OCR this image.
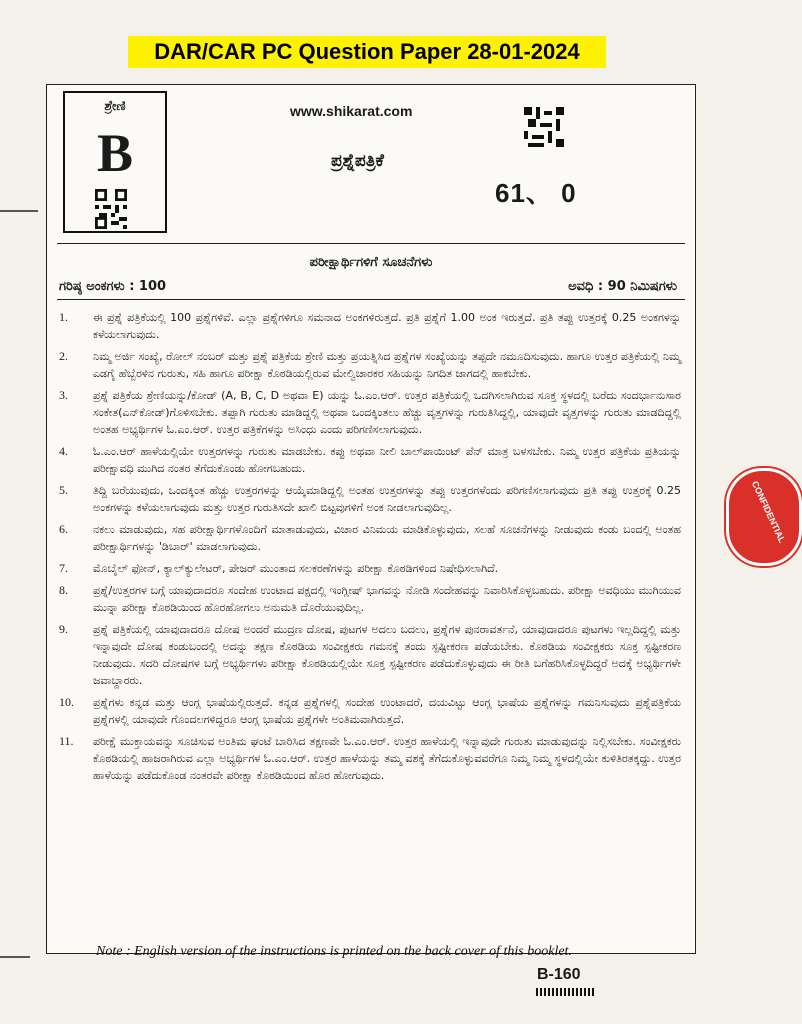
DAR/CAR PC Question Paper 28-01-2024
ಶ್ರೇಣಿ
B
www.shikarat.com
ಪ್ರಶ್ನೆಪತ್ರಿಕೆ
61、 0
ಪರೀಕ್ಷಾರ್ಥಿಗಳಿಗೆ ಸೂಚನೆಗಳು
ಗರಿಷ್ಠ ಅಂಕಗಳು : 100	ಅವಧಿ : 90 ನಿಮಿಷಗಳು
1.	ಈ ಪ್ರಶ್ನೆ ಪತ್ರಿಕೆಯಲ್ಲಿ 100 ಪ್ರಶ್ನೆಗಳಿವೆ. ಎಲ್ಲಾ ಪ್ರಶ್ನೆಗಳಿಗೂ ಸಮನಾದ ಅಂಕಗಳಿರುತ್ತದೆ. ಪ್ರತಿ ಪ್ರಶ್ನೆಗೆ 1.00 ಅಂಕ ಇರುತ್ತದೆ. ಪ್ರತಿ ತಪ್ಪು ಉತ್ತರಕ್ಕೆ 0.25 ಅಂಕಗಳನ್ನು ಕಳೆಯಲಾಗುವುದು.
2.	ನಿಮ್ಮ ಅರ್ಜಿ ಸಂಖ್ಯೆ, ರೋಲ್ ನಂಬರ್ ಮತ್ತು ಪ್ರಶ್ನೆ ಪತ್ರಿಕೆಯ ಶ್ರೇಣಿ ಮತ್ತು ಪ್ರಯತ್ನಿಸಿದ ಪ್ರಶ್ನೆಗಳ ಸಂಖ್ಯೆಯನ್ನು ತಪ್ಪದೇ ನಮೂದಿಸುವುದು. ಹಾಗೂ ಉತ್ತರ ಪತ್ರಿಕೆಯಲ್ಲಿ ನಿಮ್ಮ ಎಡಗೈ ಹೆಬ್ಬೆರಳಿನ ಗುರುತು, ಸಹಿ ಹಾಗೂ ಪರೀಕ್ಷಾ ಕೊಠಡಿಯಲ್ಲಿರುವ ಮೇಲ್ವಿಚಾರಕರ ಸಹಿಯನ್ನು ನಿಗದಿತ ಜಾಗದಲ್ಲಿ ಹಾಕಬೇಕು.
3.	ಪ್ರಶ್ನೆ ಪತ್ರಿಕೆಯ ಶ್ರೇಣಿಯನ್ನು/ಕೋಡ್ (A, B, C, D ಅಥವಾ E) ಯನ್ನು ಓ.ಎಂ.ಆರ್. ಉತ್ತರ ಪತ್ರಿಕೆಯಲ್ಲಿ ಒದಗಿಸಲಾಗಿರುವ ಸೂಕ್ತ ಸ್ಥಳದಲ್ಲಿ ಬರೆದು ಸಂದರ್ಭಾನುಸಾರ ಸಂಕೇತ(ಎನ್‌ಕೋಡ್)ಗೊಳಿಸಬೇಕು. ತಪ್ಪಾಗಿ ಗುರುತು ಮಾಡಿದ್ದಲ್ಲಿ ಅಥವಾ ಒಂದಕ್ಕಿಂತಲು ಹೆಚ್ಚು ವೃತ್ತಗಳನ್ನು ಗುರುತಿಸಿದ್ದಲ್ಲಿ, ಯಾವುದೇ ವೃತ್ತಗಳನ್ನು ಗುರುತು ಮಾಡದಿದ್ದಲ್ಲಿ ಅಂತಹ ಅಭ್ಯರ್ಥಿಗಳ ಓ.ಎಂ.ಆರ್. ಉತ್ತರ ಪತ್ರಿಕೆಗಳನ್ನು ಅಸಿಂಧು ಎಂದು ಪರಿಗಣಿಸಲಾಗುವುದು.
4.	ಓ.ಎಂ.ಆರ್ ಹಾಳೆಯಲ್ಲಿಯೇ ಉತ್ತರಗಳನ್ನು ಗುರುತು ಮಾಡಬೇಕು. ಕಪ್ಪು ಅಥವಾ ನೀಲಿ ಬಾಲ್‌ಪಾಯಿಂಟ್ ಪೆನ್ ಮಾತ್ರ ಬಳಸಬೇಕು. ನಿಮ್ಮ ಉತ್ತರ ಪತ್ರಿಕೆಯ ಪ್ರತಿಯನ್ನು ಪರೀಕ್ಷಾವಧಿ ಮುಗಿದ ನಂತರ ತೆಗೆದುಕೊಂಡು ಹೋಗಬಹುದು.
5.	ತಿದ್ದಿ ಬರೆಯುವುದು, ಒಂದಕ್ಕಿಂತ ಹೆಚ್ಚು ಉತ್ತರಗಳನ್ನು ಆಯ್ಕೆಮಾಡಿದ್ದಲ್ಲಿ ಅಂತಹ ಉತ್ತರಗಳನ್ನು ತಪ್ಪು ಉತ್ತರಗಳೆಂದು ಪರಿಗಣಿಸಲಾಗುವುದು ಪ್ರತಿ ತಪ್ಪು ಉತ್ತರಕ್ಕೆ 0.25 ಅಂಕಗಳನ್ನು ಕಳೆಯಲಾಗುವುದು ಮತ್ತು ಉತ್ತರ ಗುರುತಿಸದೇ ಖಾಲಿ ಬಿಟ್ಟವುಗಳಿಗೆ ಅಂಕ ನೀಡಲಾಗುವುದಿಲ್ಲ.
6.	ನಕಲು ಮಾಡುವುದು, ಸಹ ಪರೀಕ್ಷಾರ್ಥಿಗಳೊಂದಿಗೆ ಮಾತಾಡುವುದು, ವಿಚಾರ ವಿನಿಮಯ ಮಾಡಿಕೊಳ್ಳುವುದು, ಸಲಹೆ ಸೂಚನೆಗಳನ್ನು ನೀಡುವುದು ಕಂಡು ಬಂದಲ್ಲಿ ಅಂತಹ ಪರೀಕ್ಷಾರ್ಥಿಗಳನ್ನು 'ಡಿಬಾರ್' ಮಾಡಲಾಗುವುದು.
7.	ಮೊಬೈಲ್ ಫೋನ್, ಕ್ಯಾಲ್‌ಕ್ಯುಲೇಟರ್, ಪೇಜರ್ ಮುಂತಾದ ಸಲಕರಣೆಗಳನ್ನು ಪರೀಕ್ಷಾ ಕೊಠಡಿಗಳಿಂದ ನಿಷೇಧಿಸಲಾಗಿದೆ.
8.	ಪ್ರಶ್ನೆ/ಉತ್ತರಗಳ ಬಗ್ಗೆ ಯಾವುದಾದರೂ ಸಂದೇಹ ಉಂಟಾದ ಪಕ್ಷದಲ್ಲಿ ಇಂಗ್ಲೀಷ್ ಭಾಗವನ್ನು ನೋಡಿ ಸಂದೇಹವನ್ನು ನಿವಾರಿಸಿಕೊಳ್ಳಬಹುದು. ಪರೀಕ್ಷಾ ಅವಧಿಯು ಮುಗಿಯುವ ಮುನ್ನಾ ಪರೀಕ್ಷಾ ಕೊಠಡಿಯಿಂದ ಹೊರಹೋಗಲು ಅನುಮತಿ ದೊರೆಯುವುದಿಲ್ಲ.
9.	ಪ್ರಶ್ನೆ ಪತ್ರಿಕೆಯಲ್ಲಿ ಯಾವುದಾದರೂ ದೋಷ ಅಂದರೆ ಮುದ್ರಣ ದೋಷ, ಪುಟಗಳ ಅದಲು ಬದಲು, ಪ್ರಶ್ನೆಗಳ ಪುನರಾವರ್ತನೆ, ಯಾವುದಾದರೂ ಪುಟಗಳು ಇಲ್ಲದಿದ್ದಲ್ಲಿ ಮತ್ತು ಇನ್ನಾವುದೇ ದೋಷ ಕಂಡುಬಂದಲ್ಲಿ ಅದನ್ನು ತಕ್ಷಣ ಕೊಠಡಿಯ ಸಂವೀಕ್ಷಕರು ಗಮನಕ್ಕೆ ತಂದು ಸ್ಪಷ್ಟೀಕರಣ ಪಡೆಯಬೇಕು. ಕೊಠಡಿಯ ಸಂವೀಕ್ಷಕರು ಸೂಕ್ತ ಸ್ಪಷ್ಟೀಕರಣ ನೀಡುವುದು. ಸದರಿ ದೋಷಗಳ ಬಗ್ಗೆ ಅಭ್ಯರ್ಥಿಗಳು ಪರೀಕ್ಷಾ ಕೊಠಡಿಯಲ್ಲಿಯೇ ಸೂಕ್ತ ಸ್ಪಷ್ಟೀಕರಣ ಪಡೆದುಕೊಳ್ಳುವುದು ಈ ರೀತಿ ಬಗೆಹರಿಸಿಕೊಳ್ಳದಿದ್ದರೆ ಅದಕ್ಕೆ ಅಭ್ಯರ್ಥಿಗಳೇ ಜವಾಬ್ದಾರರು.
10.	ಪ್ರಶ್ನೆಗಳು ಕನ್ನಡ ಮತ್ತು ಆಂಗ್ಲ ಭಾಷೆಯಲ್ಲಿರುತ್ತದೆ. ಕನ್ನಡ ಪ್ರಶ್ನೆಗಳಲ್ಲಿ ಸಂದೇಹ ಉಂಟಾದರೆ, ದಯವಿಟ್ಟು ಆಂಗ್ಲ ಭಾಷೆಯ ಪ್ರಶ್ನೆಗಳನ್ನು ಗಮನಿಸುವುದು ಪ್ರಶ್ನೆಪತ್ರಿಕೆಯ ಪ್ರಶ್ನೆಗಳಲ್ಲಿ ಯಾವುದೇ ಗೊಂದಲಗಳಿದ್ದರೂ ಆಂಗ್ಲ ಭಾಷೆಯ ಪ್ರಶ್ನೆಗಳೇ ಅಂತಿಮವಾಗಿರುತ್ತದೆ.
11.	ಪರೀಕ್ಷೆ ಮುಕ್ತಾಯವನ್ನು ಸೂಚಿಸುವ ಅಂತಿಮ ಘಂಟೆ ಬಾರಿಸಿದ ತಕ್ಷಣವೇ ಓ.ಎಂ.ಆರ್. ಉತ್ತರ ಹಾಳೆಯಲ್ಲಿ ಇನ್ನಾವುದೇ ಗುರುತು ಮಾಡುವುದನ್ನು ನಿಲ್ಲಿಸಬೇಕು. ಸಂವೀಕ್ಷಕರು ಕೊಠಡಿಯಲ್ಲಿ ಹಾಜರಾಗಿರುವ ಎಲ್ಲಾ ಅಭ್ಯರ್ಥಿಗಳ ಓ.ಎಂ.ಆರ್. ಉತ್ತರ ಹಾಳೆಯನ್ನು ತಮ್ಮ ವಶಕ್ಕೆ ತೆಗೆದುಕೊಳ್ಳುವವರೆಗೂ ನಿಮ್ಮ ನಿಮ್ಮ ಸ್ಥಳದಲ್ಲಿಯೇ ಕುಳಿತಿರತಕ್ಕದ್ದು. ಉತ್ತರ ಹಾಳೆಯನ್ನು ಪಡೆದುಕೊಂಡ ನಂತರವೇ ಪರೀಕ್ಷಾ ಕೊಠಡಿಯಿಂದ ಹೊರ ಹೋಗುವುದು.
Note : English version of the instructions is printed on the back cover of this booklet.
B-160
CONFIDENTIAL
